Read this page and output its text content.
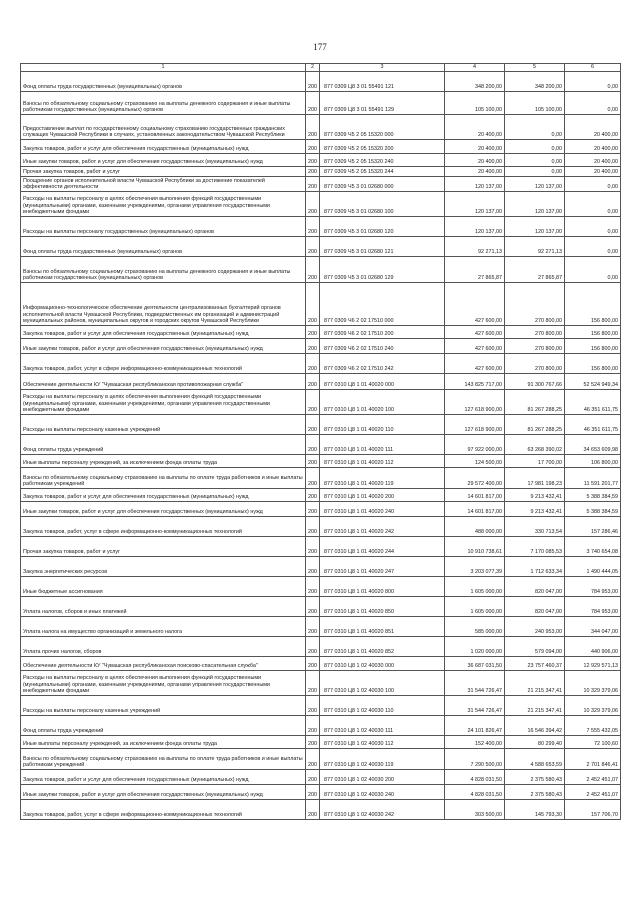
177
1	2	3	4	5	6
Фонд оплаты труда государственных (муниципальных) органов	200	877 0309 Ц8 3 01 55491 121	348 200,00	348 200,00	0,00
Взносы по обязательному социальному страхованию на выплаты денежного содержания и иные выплаты работникам государственных (муниципальных) органов	200	877 0309 Ц8 3 01 55491 129	105 100,00	105 100,00	0,00
Предоставление выплат по государственному социальному страхованию государственных гражданских служащих Чувашской Республики в случаях, установленных законодательством Чувашской Республики	200	877 0309 Ч5 2 05 15320 000	20 400,00	0,00	20 400,00
Закупка товаров, работ и услуг для обеспечения государственных (муниципальных) нужд	200	877 0309 Ч5 2 05 15320 200	20 400,00	0,00	20 400,00
Иные закупки товаров, работ и услуг для обеспечения государственных (муниципальных) нужд	200	877 0309 Ч5 2 05 15320 240	20 400,00	0,00	20 400,00
Прочая закупка товаров, работ и услуг	200	877 0309 Ч5 2 05 15320 244	20 400,00	0,00	20 400,00
Поощрение органов исполнительной власти Чувашской Республики за достижение показателей эффективности деятельности	200	877 0309 Ч5 3 01 02680 000	120 137,00	120 137,00	0,00
Расходы на выплаты персоналу в целях обеспечения выполнения функций государственными (муниципальными) органами, казенными учреждениями, органами управления государственными внебюджетными фондами	200	877 0309 Ч5 3 01 02680 100	120 137,00	120 137,00	0,00
Расходы на выплаты персоналу государственных (муниципальных) органов	200	877 0309 Ч5 3 01 02680 120	120 137,00	120 137,00	0,00
Фонд оплаты труда государственных (муниципальных) органов	200	877 0309 Ч5 3 01 02680 121	92 271,13	92 271,13	0,00
Взносы по обязательному социальному страхованию на выплаты денежного содержания и иные выплаты работникам государственных (муниципальных) органов	200	877 0309 Ч5 3 01 02680 129	27 865,87	27 865,87	0,00
Информационно-технологическое обеспечение деятельности централизованных бухгалтерий органов исполнительной власти Чувашской Республики, подведомственных им организаций и администраций муниципальных районов, муниципальных округов и городских округов Чувашской Республики	200	877 0309 Ч6 2 02 17510 000	427 600,00	270 800,00	156 800,00
Закупка товаров, работ и услуг для обеспечения государственных (муниципальных) нужд	200	877 0309 Ч6 2 02 17510 200	427 600,00	270 800,00	156 800,00
Иные закупки товаров, работ и услуг для обеспечения государственных (муниципальных) нужд	200	877 0309 Ч6 2 02 17510 240	427 600,00	270 800,00	156 800,00
Закупка товаров, работ, услуг в сфере информационно-коммуникационных технологий	200	877 0309 Ч6 2 02 17510 242	427 600,00	270 800,00	156 800,00
Обеспечение деятельности КУ "Чувашская республиканская противопожарная служба"	200	877 0310 Ц8 1 01 40020 000	143 825 717,00	91 300 767,66	52 524 949,34
Расходы на выплаты персоналу в целях обеспечения выполнения функций государственными (муниципальными) органами, казенными учреждениями, органами управления государственными внебюджетными фондами	200	877 0310 Ц8 1 01 40020 100	127 618 900,00	81 267 288,25	46 351 611,75
Расходы на выплаты персоналу казенных учреждений	200	877 0310 Ц8 1 01 40020 110	127 618 900,00	81 267 288,25	46 351 611,75
Фонд оплаты труда учреждений	200	877 0310 Ц8 1 01 40020 111	97 922 000,00	63 268 390,02	34 653 609,98
Иные выплаты персоналу учреждений, за исключением фонда оплаты труда	200	877 0310 Ц8 1 01 40020 112	124 500,00	17 700,00	106 800,00
Взносы по обязательному социальному страхованию на выплаты по оплате труда работников и иные выплаты работникам учреждений	200	877 0310 Ц8 1 01 40020 119	29 572 400,00	17 981 198,23	11 591 201,77
Закупка товаров, работ и услуг для обеспечения государственных (муниципальных) нужд	200	877 0310 Ц8 1 01 40020 200	14 601 817,00	9 213 432,41	5 388 384,59
Иные закупки товаров, работ и услуг для обеспечения государственных (муниципальных) нужд	200	877 0310 Ц8 1 01 40020 240	14 601 817,00	9 213 432,41	5 388 384,59
Закупка товаров, работ, услуг в сфере информационно-коммуникационных технологий	200	877 0310 Ц8 1 01 40020 242	488 000,00	330 713,54	157 286,46
Прочая закупка товаров, работ и услуг	200	877 0310 Ц8 1 01 40020 244	10 910 738,61	7 170 085,53	3 740 654,08
Закупка энергетических ресурсов	200	877 0310 Ц8 1 01 40020 247	3 203 077,39	1 712 633,34	1 490 444,05
Иные бюджетные ассигнования	200	877 0310 Ц8 1 01 40020 800	1 605 000,00	820 047,00	784 953,00
Уплата налогов, сборов и иных платежей	200	877 0310 Ц8 1 01 40020 850	1 605 000,00	820 047,00	784 953,00
Уплата налога на имущество организаций и земельного налога	200	877 0310 Ц8 1 01 40020 851	585 000,00	240 953,00	344 047,00
Уплата прочих налогов, сборов	200	877 0310 Ц8 1 01 40020 852	1 020 000,00	579 094,00	440 906,00
Обеспечение деятельности КУ "Чувашская республиканская поисково-спасательная служба"	200	877 0310 Ц8 1 02 40030 000	36 687 031,50	23 757 460,37	12 929 571,13
Расходы на выплаты персоналу в целях обеспечения выполнения функций государственными (муниципальными) органами, казенными учреждениями, органами управления государственными внебюджетными фондами	200	877 0310 Ц8 1 02 40030 100	31 544 726,47	21 215 347,41	10 329 379,06
Расходы на выплаты персоналу казенных учреждений	200	877 0310 Ц8 1 02 40030 110	31 544 726,47	21 215 347,41	10 329 379,06
Фонд оплаты труда учреждений	200	877 0310 Ц8 1 02 40030 111	24 101 826,47	16 546 394,42	7 555 432,05
Иные выплаты персоналу учреждений, за исключением фонда оплаты труда	200	877 0310 Ц8 1 02 40030 112	152 400,00	80 299,40	72 100,60
Взносы по обязательному социальному страхованию на выплаты по оплате труда работников и иные выплаты работникам учреждений	200	877 0310 Ц8 1 02 40030 119	7 290 500,00	4 588 653,59	2 701 846,41
Закупка товаров, работ и услуг для обеспечения государственных (муниципальных) нужд	200	877 0310 Ц8 1 02 40030 200	4 828 031,50	2 375 580,43	2 452 451,07
Иные закупки товаров, работ и услуг для обеспечения государственных (муниципальных) нужд	200	877 0310 Ц8 1 02 40030 240	4 828 031,50	2 375 580,43	2 452 451,07
Закупка товаров, работ, услуг в сфере информационно-коммуникационных технологий	200	877 0310 Ц8 1 02 40030 242	303 500,00	145 793,30	157 706,70
